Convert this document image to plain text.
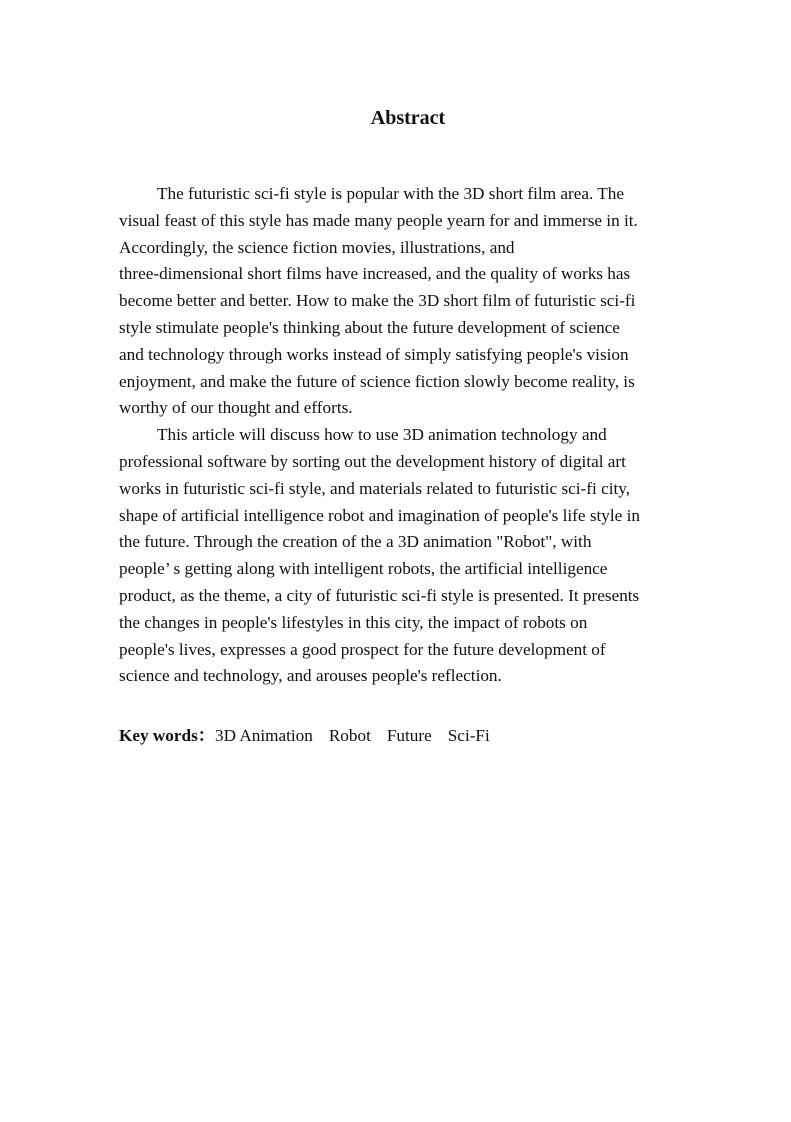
Abstract

The futuristic sci-fi style is popular with the 3D short film area. The
visual feast of this style has made many people yearn for and immerse in it.
Accordingly, the science fiction movies, illustrations, and
three-dimensional short films have increased, and the quality of works has
become better and better. How to make the 3D short film of futuristic sci-fi
style stimulate people's thinking about the future development of science
and technology through works instead of simply satisfying people's vision
enjoyment, and make the future of science fiction slowly become reality, is
worthy of our thought and efforts.

This article will discuss how to use 3D animation technology and
professional software by sorting out the development history of digital art
works in futuristic sci-fi style, and materials related to futuristic sci-fi city,
shape of artificial intelligence robot and imagination of people's life style in
the future. Through the creation of the a 3D animation "Robot", with
people’ s getting along with intelligent robots, the artificial intelligence
product, as the theme, a city of futuristic sci-fi style is presented. It presents
the changes in people's lifestyles in this city, the impact of robots on
people's lives, expresses a good prospect for the future development of
science and technology, and arouses people's reflection.

Key words：3D Animation Robot Future Sci-Fi
